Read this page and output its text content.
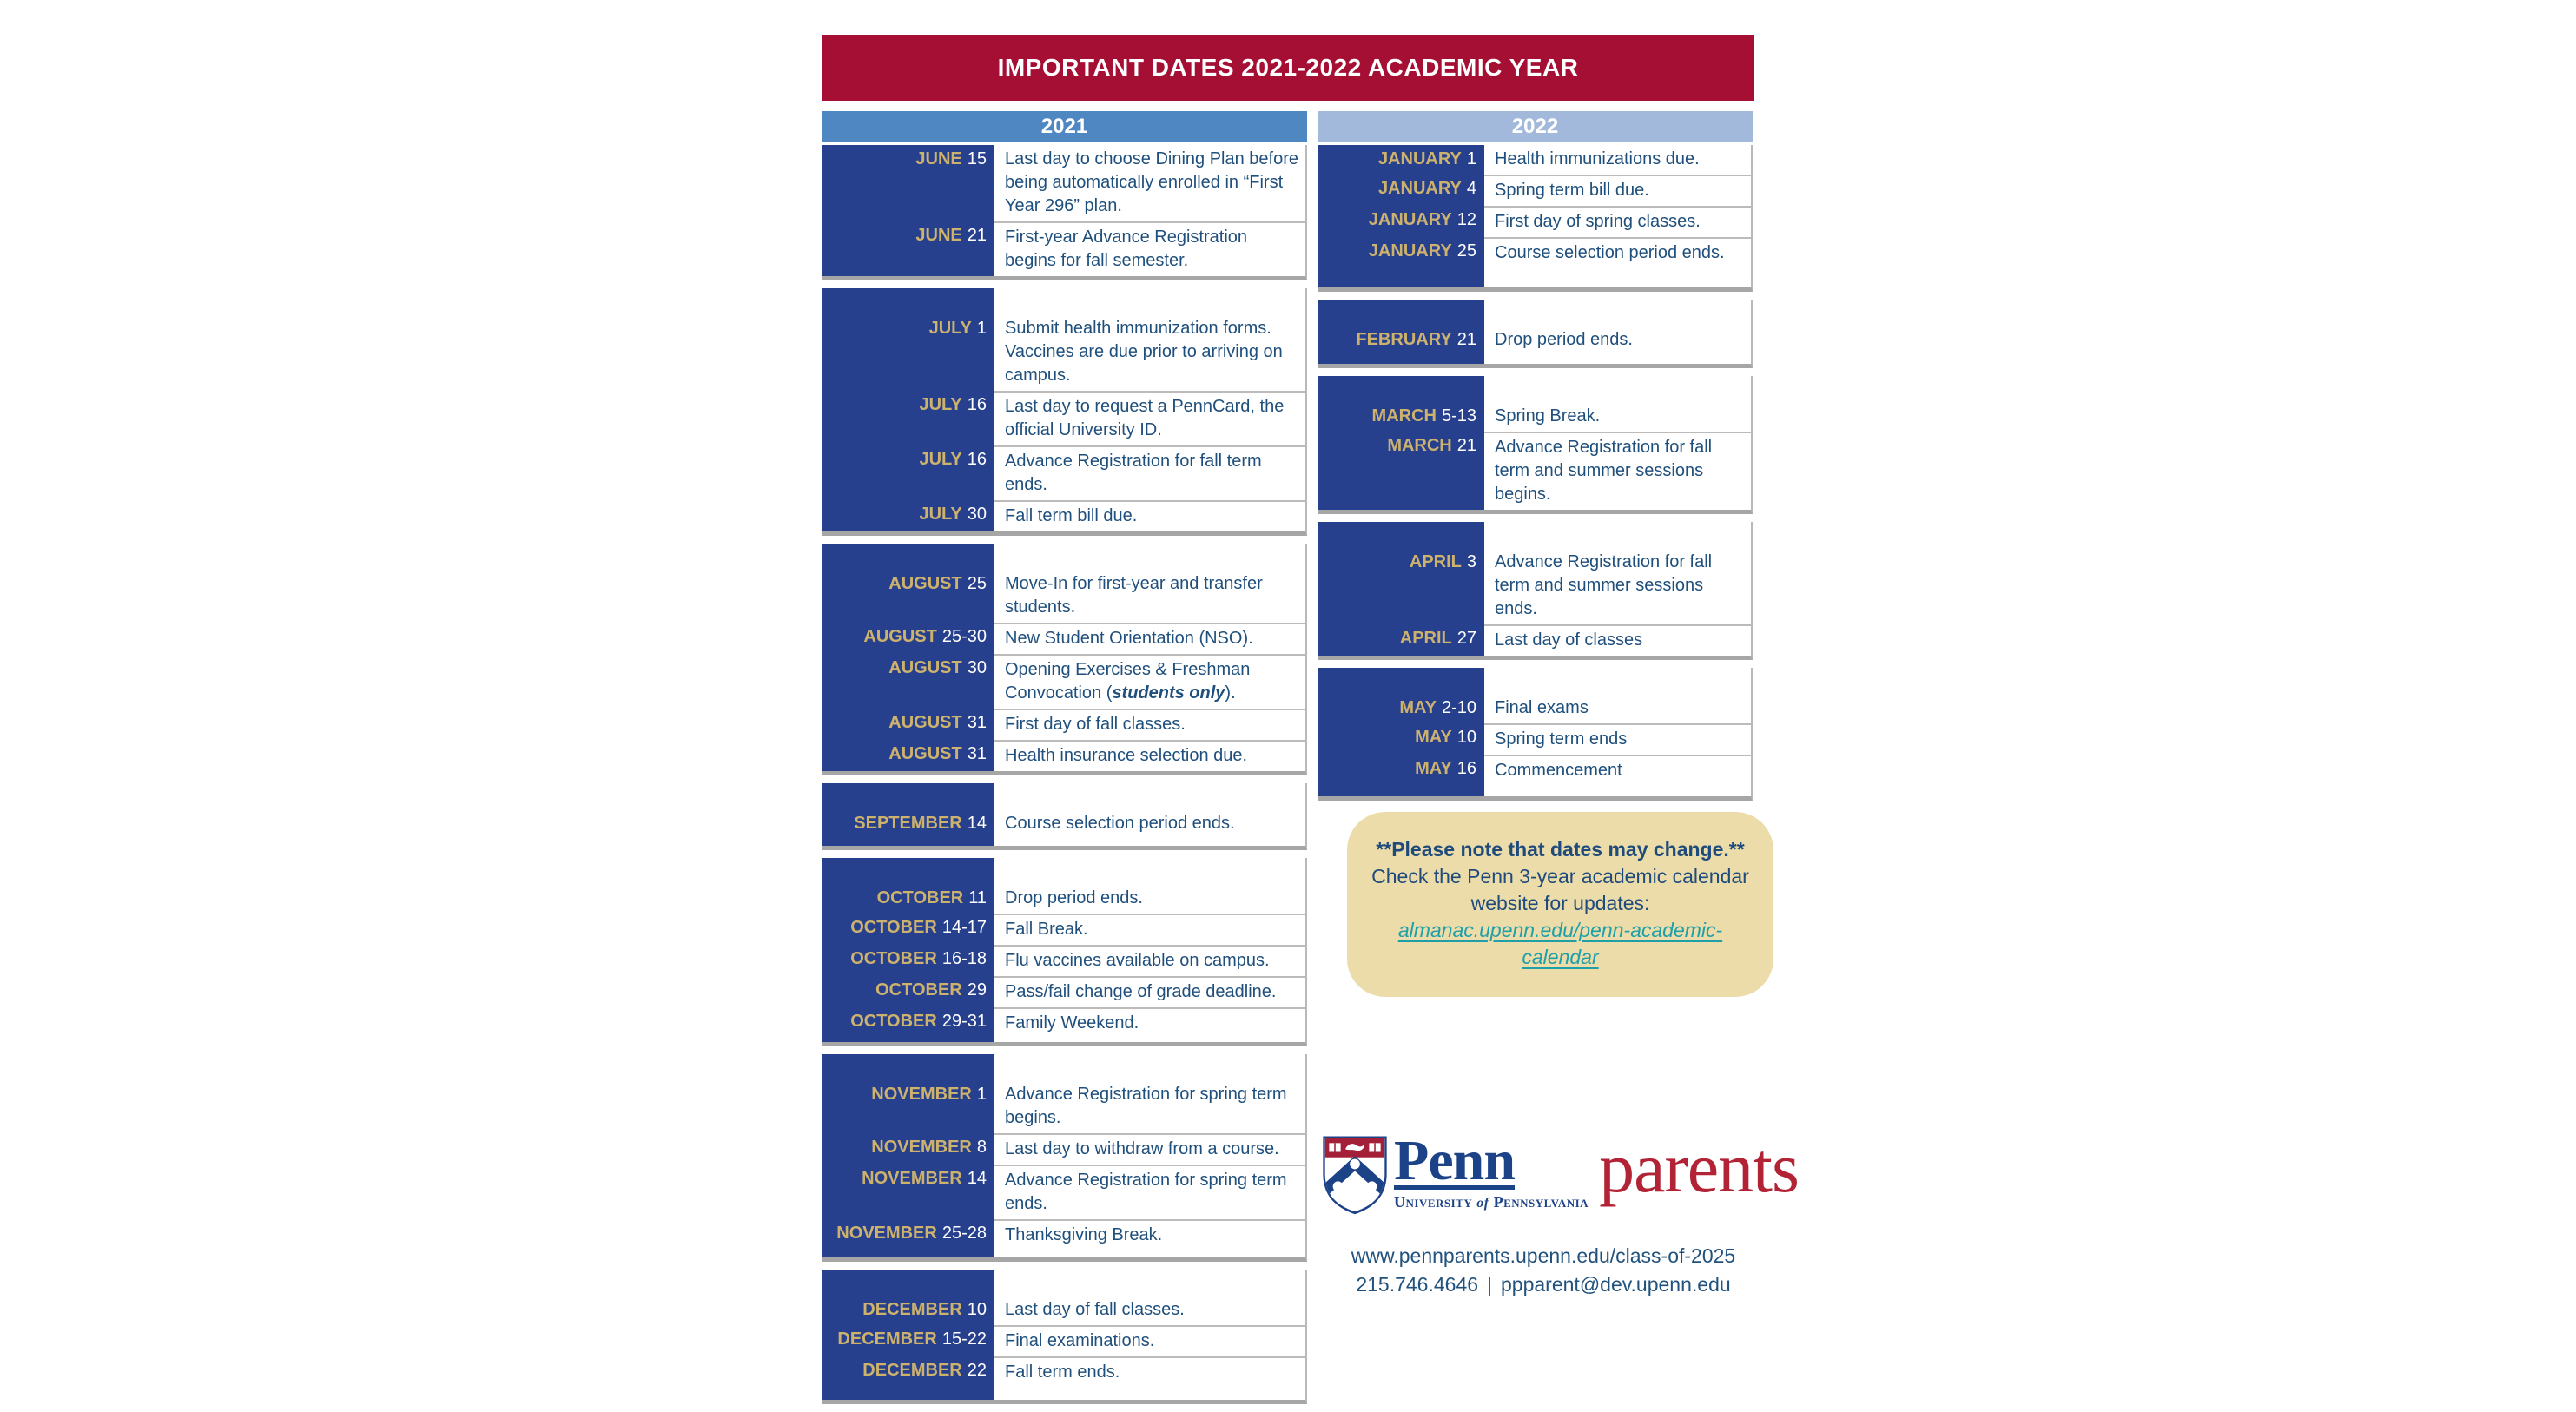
IMPORTANT DATES 2021-2022 ACADEMIC YEAR
2021
JUNE 15	Last day to choose Dining Plan before being automatically enrolled in “First Year 296” plan.
JUNE 21	First-year Advance Registration begins for fall semester.
JULY 1	Submit health immunization forms. Vaccines are due prior to arriving on campus.
JULY 16	Last day to request a PennCard, the official University ID.
JULY 16	Advance Registration for fall term ends.
JULY 30	Fall term bill due.
AUGUST 25	Move-In for first-year and transfer students.
AUGUST 25-30	New Student Orientation (NSO).
AUGUST 30	Opening Exercises & Freshman Convocation (students only).
AUGUST 31	First day of fall classes.
AUGUST 31	Health insurance selection due.
SEPTEMBER 14	Course selection period ends.
OCTOBER 11	Drop period ends.
OCTOBER 14-17	Fall Break.
OCTOBER 16-18	Flu vaccines available on campus.
OCTOBER 29	Pass/fail change of grade deadline.
OCTOBER 29-31	Family Weekend.
NOVEMBER 1	Advance Registration for spring term begins.
NOVEMBER 8	Last day to withdraw from a course.
NOVEMBER 14	Advance Registration for spring term ends.
NOVEMBER 25-28	Thanksgiving Break.
DECEMBER 10	Last day of fall classes.
DECEMBER 15-22	Final examinations.
DECEMBER 22	Fall term ends.
2022
JANUARY 1	Health immunizations due.
JANUARY 4	Spring term bill due.
JANUARY 12	First day of spring classes.
JANUARY 25	Course selection period ends.
FEBRUARY 21	Drop period ends.
MARCH 5-13	Spring Break.
MARCH 21	Advance Registration for fall term and summer sessions begins.
APRIL 3	Advance Registration for fall term and summer sessions ends.
APRIL 27	Last day of classes
MAY 2-10	Final exams
MAY 10	Spring term ends
MAY 16	Commencement
**Please note that dates may change.**
Check the Penn 3-year academic calendar website for updates:
almanac.upenn.edu/penn-academic-calendar
Penn
University of Pennsylvania parents
www.pennparents.upenn.edu/class-of-2025
215.746.4646 | ppparent@dev.upenn.edu
